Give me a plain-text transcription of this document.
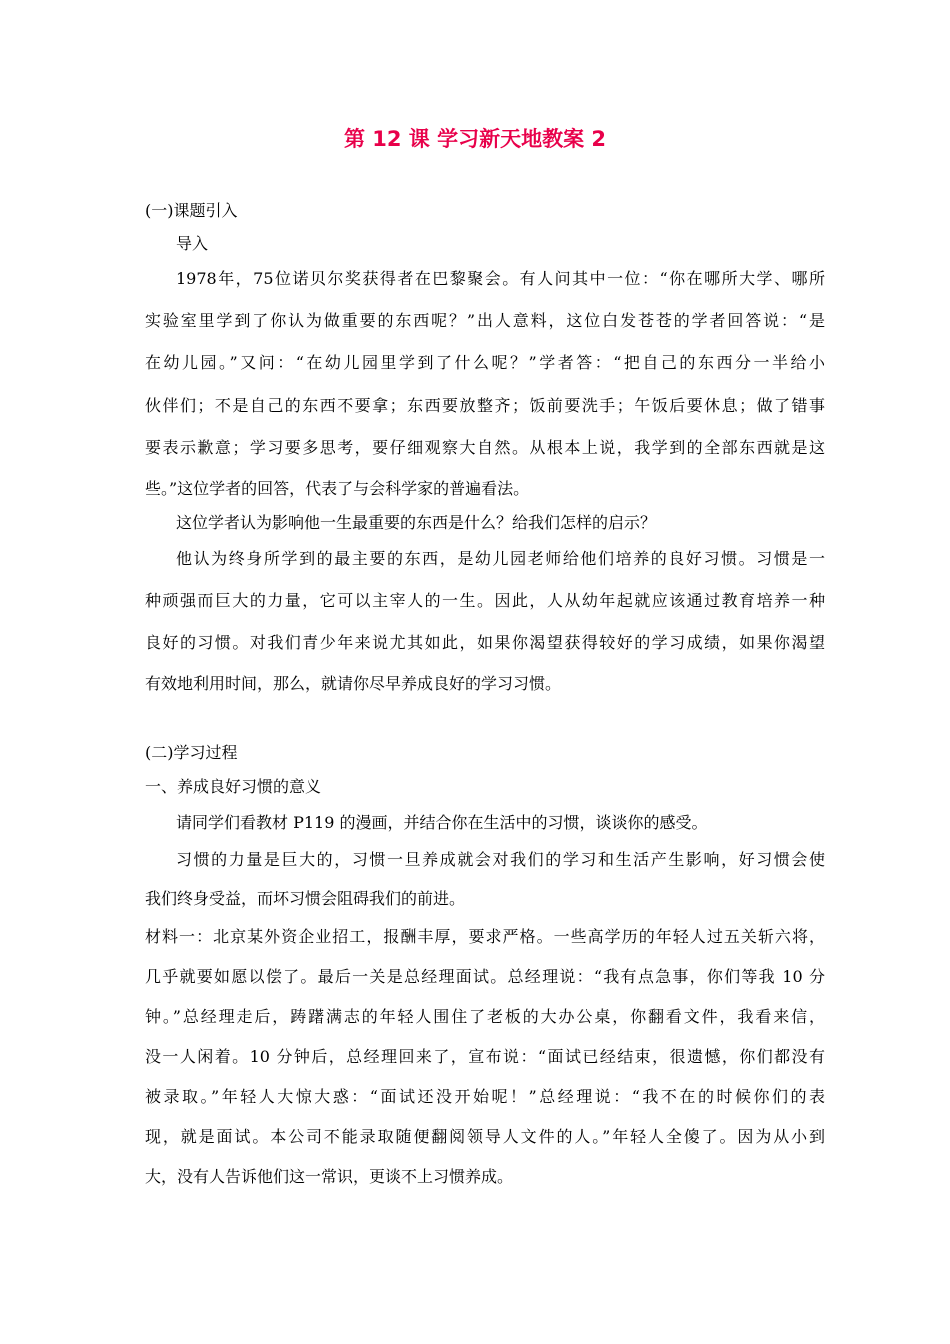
第 12 课 学习新天地教案 2

(一)课题引入

导入

1978年，75位诺贝尔奖获得者在巴黎聚会。有人问其中一位：“你在哪所大学、哪所

实验室里学到了你认为做重要的东西呢？”出人意料，这位白发苍苍的学者回答说：“是

在幼儿园。”又问：“在幼儿园里学到了什么呢？”学者答：“把自己的东西分一半给小

伙伴们；不是自己的东西不要拿；东西要放整齐；饭前要洗手；午饭后要休息；做了错事

要表示歉意；学习要多思考，要仔细观察大自然。从根本上说，我学到的全部东西就是这

些。”这位学者的回答，代表了与会科学家的普遍看法。

这位学者认为影响他一生最重要的东西是什么？给我们怎样的启示？

他认为终身所学到的最主要的东西，是幼儿园老师给他们培养的良好习惯。习惯是一

种顽强而巨大的力量，它可以主宰人的一生。因此，人从幼年起就应该通过教育培养一种

良好的习惯。对我们青少年来说尤其如此，如果你渴望获得较好的学习成绩，如果你渴望

有效地利用时间，那么，就请你尽早养成良好的学习习惯。

(二)学习过程

一、养成良好习惯的意义

请同学们看教材 P119 的漫画，并结合你在生活中的习惯，谈谈你的感受。

习惯的力量是巨大的，习惯一旦养成就会对我们的学习和生活产生影响，好习惯会使

我们终身受益，而坏习惯会阻碍我们的前进。

材料一：北京某外资企业招工，报酬丰厚，要求严格。一些高学历的年轻人过五关斩六将，

几乎就要如愿以偿了。最后一关是总经理面试。总经理说：“我有点急事，你们等我 10 分

钟。”总经理走后，踌躇满志的年轻人围住了老板的大办公桌，你翻看文件，我看来信，

没一人闲着。10 分钟后，总经理回来了，宣布说：“面试已经结束，很遗憾，你们都没有

被录取。”年轻人大惊大惑：“面试还没开始呢！”总经理说：“我不在的时候你们的表

现，就是面试。本公司不能录取随便翻阅领导人文件的人。”年轻人全傻了。因为从小到

大，没有人告诉他们这一常识，更谈不上习惯养成。
